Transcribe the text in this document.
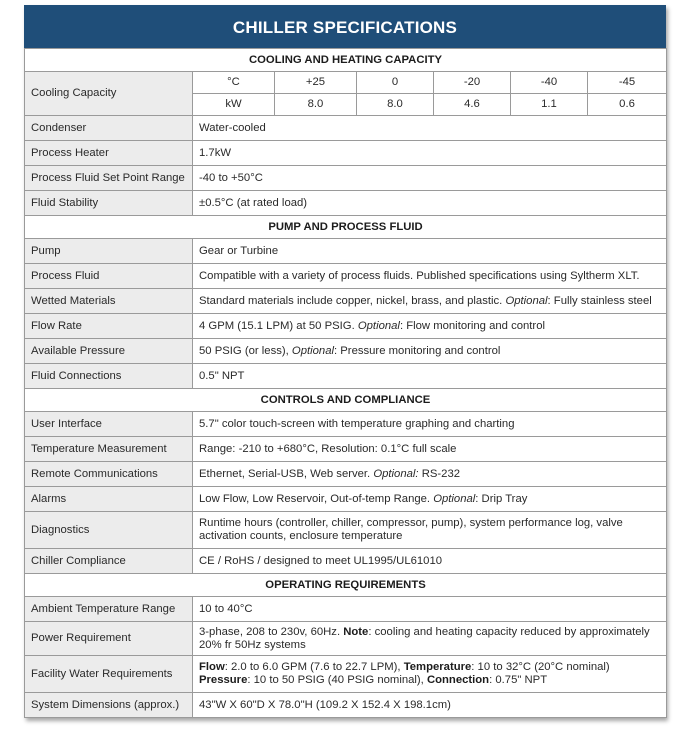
CHILLER SPECIFICATIONS
COOLING AND HEATING CAPACITY						
Cooling Capacity	°C	+25	0	-20	-40	-45
	kW	8.0	8.0	4.6	1.1	0.6
Condenser	Water-cooled					
Process Heater	1.7kW					
Process Fluid Set Point Range	-40 to +50°C					
Fluid Stability	±0.5°C (at rated load)					
PUMP AND PROCESS FLUID						
Pump	Gear or Turbine					
Process Fluid	Compatible with a variety of process fluids. Published specifications using Syltherm XLT.					
Wetted Materials	Standard materials include copper, nickel, brass, and plastic. Optional: Fully stainless steel					
Flow Rate	4 GPM (15.1 LPM) at 50 PSIG. Optional: Flow monitoring and control					
Available Pressure	50 PSIG (or less), Optional: Pressure monitoring and control					
Fluid Connections	0.5" NPT					
CONTROLS AND COMPLIANCE						
User Interface	5.7" color touch-screen with temperature graphing and charting					
Temperature Measurement	Range: -210 to +680°C, Resolution: 0.1°C full scale					
Remote Communications	Ethernet, Serial-USB, Web server. Optional: RS-232					
Alarms	Low Flow, Low Reservoir, Out-of-temp Range. Optional: Drip Tray					
Diagnostics	Runtime hours (controller, chiller, compressor, pump), system performance log, valve activation counts, enclosure temperature					
Chiller Compliance	CE / RoHS / designed to meet UL1995/UL61010					
OPERATING REQUIREMENTS						
Ambient Temperature Range	10 to 40°C					
Power Requirement	3-phase, 208 to 230v, 60Hz. Note: cooling and heating capacity reduced by approximately 20% fr 50Hz systems					
Facility Water Requirements	Flow: 2.0 to 6.0 GPM (7.6 to 22.7 LPM), Temperature: 10 to 32°C (20°C nominal)
Pressure: 10 to 50 PSIG (40 PSIG nominal), Connection: 0.75" NPT					
System Dimensions (approx.)	43"W X 60"D X 78.0"H (109.2 X 152.4 X 198.1cm)					
